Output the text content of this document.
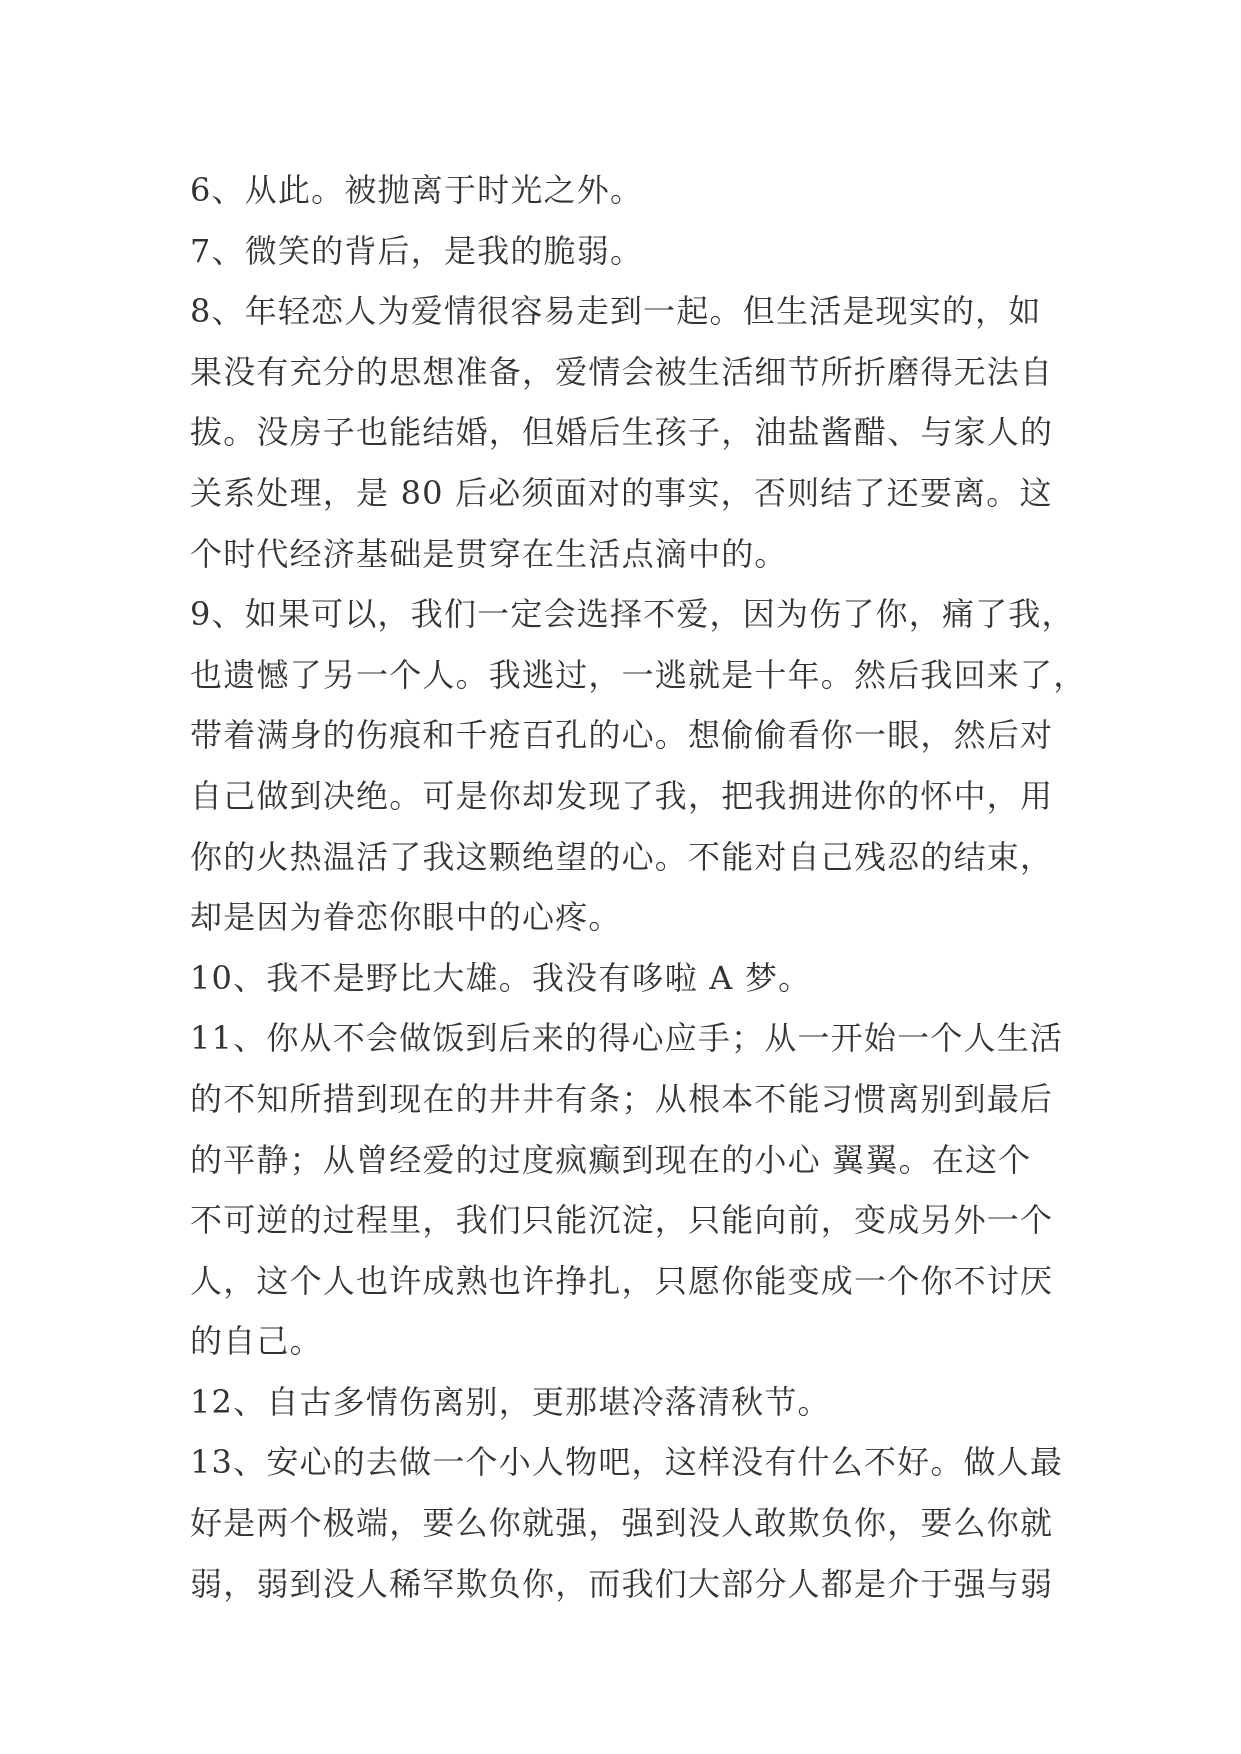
6、从此。被抛离于时光之外。
7、微笑的背后，是我的脆弱。
8、年轻恋人为爱情很容易走到一起。但生活是现实的，如
果没有充分的思想准备，爱情会被生活细节所折磨得无法自
拔。没房子也能结婚，但婚后生孩子，油盐酱醋、与家人的
关系处理，是 80 后必须面对的事实，否则结了还要离。这
个时代经济基础是贯穿在生活点滴中的。
9、如果可以，我们一定会选择不爱，因为伤了你，痛了我，
也遗憾了另一个人。我逃过，一逃就是十年。然后我回来了，
带着满身的伤痕和千疮百孔的心。想偷偷看你一眼，然后对
自己做到决绝。可是你却发现了我，把我拥进你的怀中，用
你的火热温活了我这颗绝望的心。不能对自己残忍的结束，
却是因为眷恋你眼中的心疼。
10、我不是野比大雄。我没有哆啦 A 梦。
11、你从不会做饭到后来的得心应手；从一开始一个人生活
的不知所措到现在的井井有条；从根本不能习惯离别到最后
的平静；从曾经爱的过度疯癫到现在的小心 翼翼。在这个
不可逆的过程里，我们只能沉淀，只能向前，变成另外一个
人，这个人也许成熟也许挣扎，只愿你能变成一个你不讨厌
的自己。
12、自古多情伤离别，更那堪冷落清秋节。
13、安心的去做一个小人物吧，这样没有什么不好。做人最
好是两个极端，要么你就强，强到没人敢欺负你，要么你就
弱，弱到没人稀罕欺负你，而我们大部分人都是介于强与弱
